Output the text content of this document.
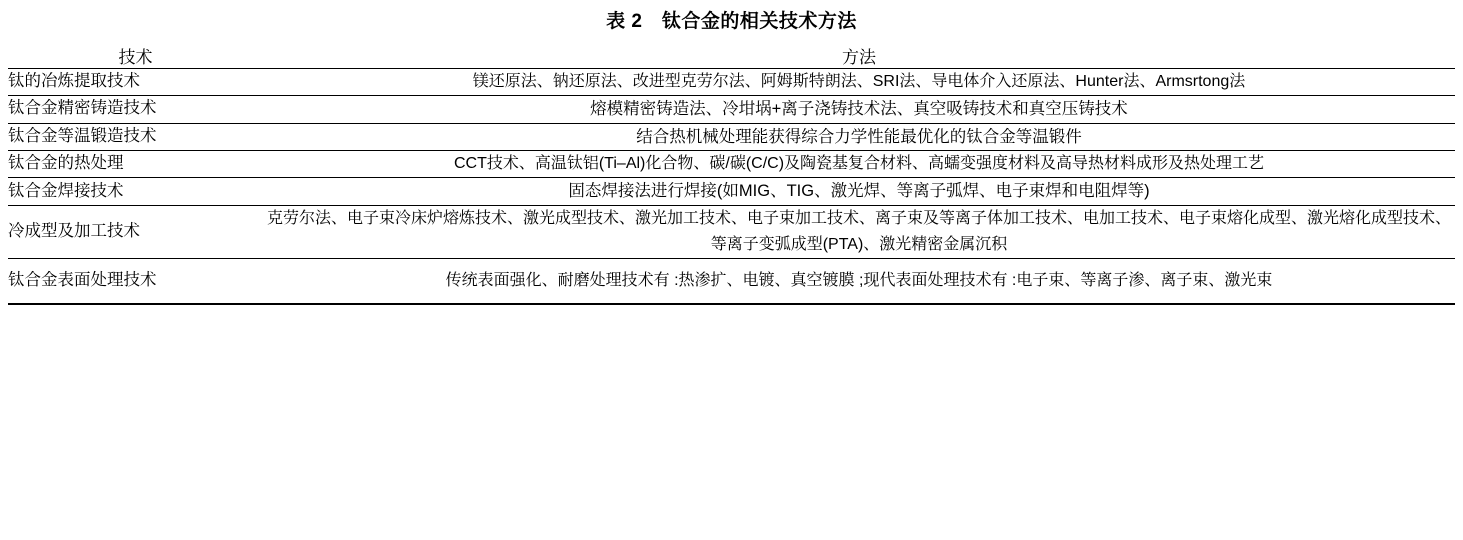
表 2　钛合金的相关技术方法
技术	方法
钛的冶炼提取技术	镁还原法、钠还原法、改进型克劳尔法、阿姆斯特朗法、SRI法、导电体介入还原法、Hunter法、Armsrtong法
钛合金精密铸造技术	熔模精密铸造法、冷坩埚+离子浇铸技术法、真空吸铸技术和真空压铸技术
钛合金等温锻造技术	结合热机械处理能获得综合力学性能最优化的钛合金等温锻件
钛合金的热处理	CCT技术、高温钛铝(Ti–Al)化合物、碳/碳(C/C)及陶瓷基复合材料、高蠕变强度材料及高导热材料成形及热处理工艺
钛合金焊接技术	固态焊接法进行焊接(如MIG、TIG、激光焊、等离子弧焊、电子束焊和电阻焊等)
冷成型及加工技术	克劳尔法、电子束冷床炉熔炼技术、激光成型技术、激光加工技术、电子束加工技术、离子束及等离子体加工技术、电加工技术、电子束熔化成型、激光熔化成型技术、等离子变弧成型(PTA)、激光精密金属沉积
钛合金表面处理技术	传统表面强化、耐磨处理技术有 :热渗扩、电镀、真空镀膜 ;现代表面处理技术有 :电子束、等离子渗、离子束、激光束
